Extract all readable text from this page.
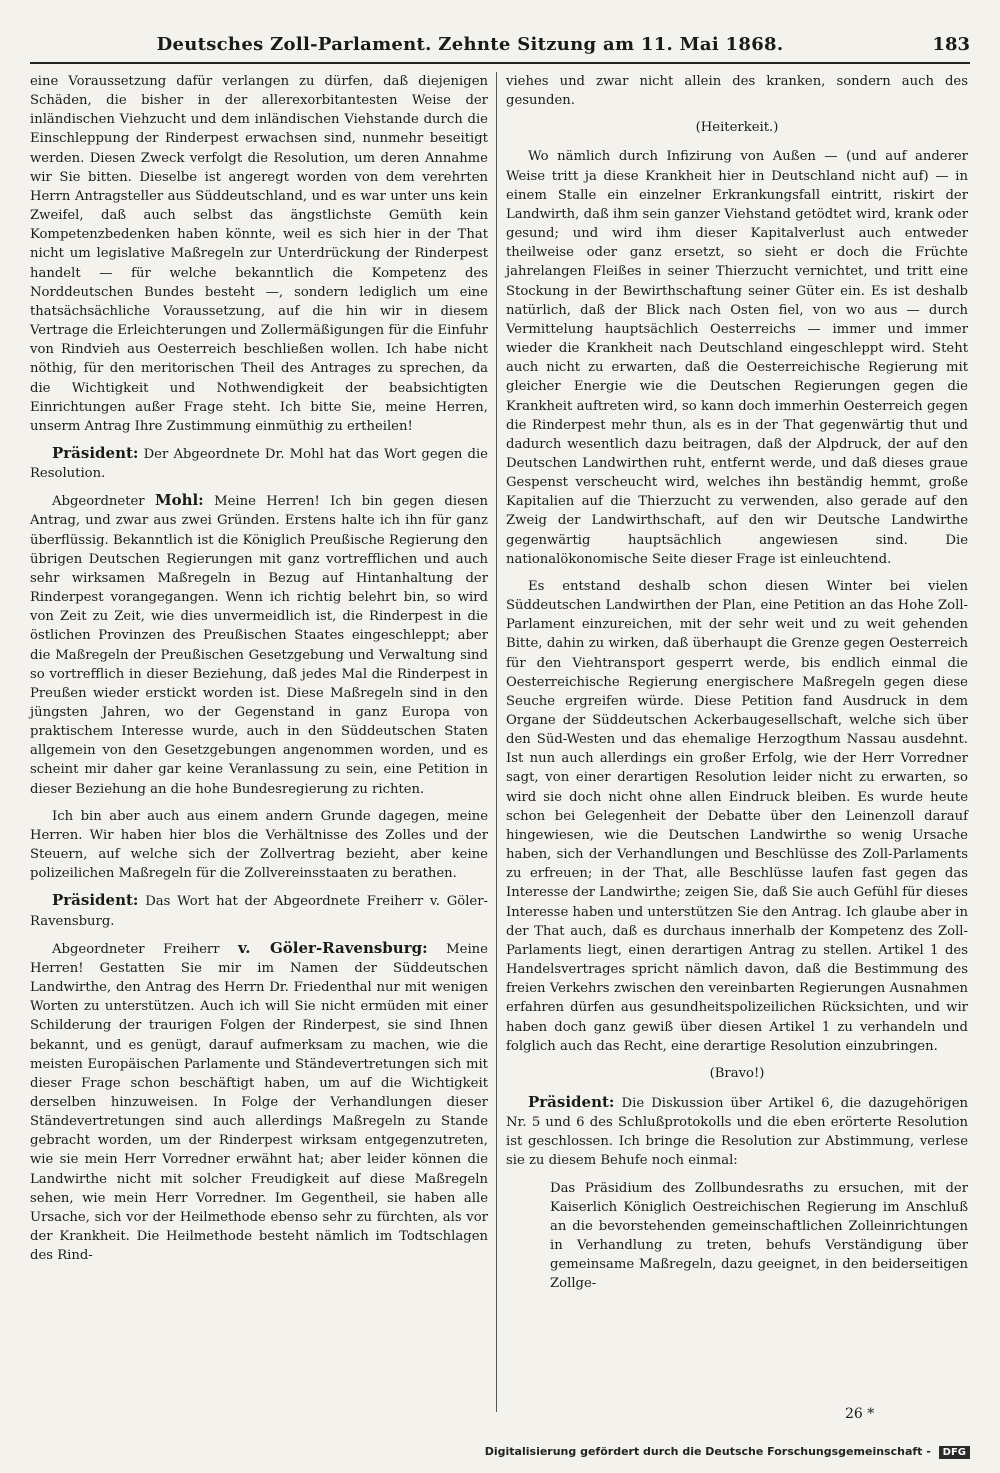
Deutsches Zoll-Parlament. Zehnte Sitzung am 11. Mai 1868.	183

eine Voraussetzung dafür verlangen zu dürfen, daß diejenigen Schäden, die bisher in der allerexorbitantesten Weise der inländischen Viehzucht und dem inländischen Viehstande durch die Einschleppung der Rinderpest erwachsen sind, nunmehr beseitigt werden. Diesen Zweck verfolgt die Resolution, um deren Annahme wir Sie bitten. Dieselbe ist angeregt worden von dem verehrten Herrn Antragsteller aus Süddeutschland, und es war unter uns kein Zweifel, daß auch selbst das ängstlichste Gemüth kein Kompetenzbedenken haben könnte, weil es sich hier in der That nicht um legislative Maßregeln zur Unterdrückung der Rinderpest handelt — für welche bekanntlich die Kompetenz des Norddeutschen Bundes besteht —, sondern lediglich um eine thatsächsächliche Voraussetzung, auf die hin wir in diesem Vertrage die Erleichterungen und Zollermäßigungen für die Einfuhr von Rindvieh aus Oesterreich beschließen wollen. Ich habe nicht nöthig, für den meritorischen Theil des Antrages zu sprechen, da die Wichtigkeit und Nothwendigkeit der beabsichtigten Einrichtungen außer Frage steht. Ich bitte Sie, meine Herren, unserm Antrag Ihre Zustimmung einmüthig zu ertheilen!

Präsident: Der Abgeordnete Dr. Mohl hat das Wort gegen die Resolution.

Abgeordneter Mohl: Meine Herren! Ich bin gegen diesen Antrag, und zwar aus zwei Gründen. Erstens halte ich ihn für ganz überflüssig. Bekanntlich ist die Königlich Preußische Regierung den übrigen Deutschen Regierungen mit ganz vortrefflichen und auch sehr wirksamen Maßregeln in Bezug auf Hintanhaltung der Rinderpest vorangegangen. Wenn ich richtig belehrt bin, so wird von Zeit zu Zeit, wie dies unvermeidlich ist, die Rinderpest in die östlichen Provinzen des Preußischen Staates eingeschleppt; aber die Maßregeln der Preußischen Gesetzgebung und Verwaltung sind so vortrefflich in dieser Beziehung, daß jedes Mal die Rinderpest in Preußen wieder erstickt worden ist. Diese Maßregeln sind in den jüngsten Jahren, wo der Gegenstand in ganz Europa von praktischem Interesse wurde, auch in den Süddeutschen Staten allgemein von den Gesetzgebungen angenommen worden, und es scheint mir daher gar keine Veranlassung zu sein, eine Petition in dieser Beziehung an die hohe Bundesregierung zu richten.

Ich bin aber auch aus einem andern Grunde dagegen, meine Herren. Wir haben hier blos die Verhältnisse des Zolles und der Steuern, auf welche sich der Zollvertrag bezieht, aber keine polizeilichen Maßregeln für die Zollvereinsstaaten zu berathen.

Präsident: Das Wort hat der Abgeordnete Freiherr v. Göler-Ravensburg.

Abgeordneter Freiherr v. Göler-Ravensburg: Meine Herren! Gestatten Sie mir im Namen der Süddeutschen Landwirthe, den Antrag des Herrn Dr. Friedenthal nur mit wenigen Worten zu unterstützen. Auch ich will Sie nicht ermüden mit einer Schilderung der traurigen Folgen der Rinderpest, sie sind Ihnen bekannt, und es genügt, darauf aufmerksam zu machen, wie die meisten Europäischen Parlamente und Ständevertretungen sich mit dieser Frage schon beschäftigt haben, um auf die Wichtigkeit derselben hinzuweisen. In Folge der Verhandlungen dieser Ständevertretungen sind auch allerdings Maßregeln zu Stande gebracht worden, um der Rinderpest wirksam entgegenzutreten, wie sie mein Herr Vorredner erwähnt hat; aber leider können die Landwirthe nicht mit solcher Freudigkeit auf diese Maßregeln sehen, wie mein Herr Vorredner. Im Gegentheil, sie haben alle Ursache, sich vor der Heilmethode ebenso sehr zu fürchten, als vor der Krankheit. Die Heilmethode besteht nämlich im Todtschlagen des Rind-

viehes und zwar nicht allein des kranken, sondern auch des gesunden.

(Heiterkeit.)

Wo nämlich durch Infizirung von Außen — (und auf anderer Weise tritt ja diese Krankheit hier in Deutschland nicht auf) — in einem Stalle ein einzelner Erkrankungsfall eintritt, riskirt der Landwirth, daß ihm sein ganzer Viehstand getödtet wird, krank oder gesund; und wird ihm dieser Kapitalverlust auch entweder theilweise oder ganz ersetzt, so sieht er doch die Früchte jahrelangen Fleißes in seiner Thierzucht vernichtet, und tritt eine Stockung in der Bewirthschaftung seiner Güter ein. Es ist deshalb natürlich, daß der Blick nach Osten fiel, von wo aus — durch Vermittelung hauptsächlich Oesterreichs — immer und immer wieder die Krankheit nach Deutschland eingeschleppt wird. Steht auch nicht zu erwarten, daß die Oesterreichische Regierung mit gleicher Energie wie die Deutschen Regierungen gegen die Krankheit auftreten wird, so kann doch immerhin Oesterreich gegen die Rinderpest mehr thun, als es in der That gegenwärtig thut und dadurch wesentlich dazu beitragen, daß der Alpdruck, der auf den Deutschen Landwirthen ruht, entfernt werde, und daß dieses graue Gespenst verscheucht wird, welches ihn beständig hemmt, große Kapitalien auf die Thierzucht zu verwenden, also gerade auf den Zweig der Landwirthschaft, auf den wir Deutsche Landwirthe gegenwärtig hauptsächlich angewiesen sind. Die nationalökonomische Seite dieser Frage ist einleuchtend.

Es entstand deshalb schon diesen Winter bei vielen Süddeutschen Landwirthen der Plan, eine Petition an das Hohe Zoll-Parlament einzureichen, mit der sehr weit und zu weit gehenden Bitte, dahin zu wirken, daß überhaupt die Grenze gegen Oesterreich für den Viehtransport gesperrt werde, bis endlich einmal die Oesterreichische Regierung energischere Maßregeln gegen diese Seuche ergreifen würde. Diese Petition fand Ausdruck in dem Organe der Süddeutschen Ackerbaugesellschaft, welche sich über den Süd-Westen und das ehemalige Herzogthum Nassau ausdehnt. Ist nun auch allerdings ein großer Erfolg, wie der Herr Vorredner sagt, von einer derartigen Resolution leider nicht zu erwarten, so wird sie doch nicht ohne allen Eindruck bleiben. Es wurde heute schon bei Gelegenheit der Debatte über den Leinenzoll darauf hingewiesen, wie die Deutschen Landwirthe so wenig Ursache haben, sich der Verhandlungen und Beschlüsse des Zoll-Parlaments zu erfreuen; in der That, alle Beschlüsse laufen fast gegen das Interesse der Landwirthe; zeigen Sie, daß Sie auch Gefühl für dieses Interesse haben und unterstützen Sie den Antrag. Ich glaube aber in der That auch, daß es durchaus innerhalb der Kompetenz des Zoll-Parlaments liegt, einen derartigen Antrag zu stellen. Artikel 1 des Handelsvertrages spricht nämlich davon, daß die Bestimmung des freien Verkehrs zwischen den vereinbarten Regierungen Ausnahmen erfahren dürfen aus gesundheitspolizeilichen Rücksichten, und wir haben doch ganz gewiß über diesen Artikel 1 zu verhandeln und folglich auch das Recht, eine derartige Resolution einzubringen.

(Bravo!)

Präsident: Die Diskussion über Artikel 6, die dazugehörigen Nr. 5 und 6 des Schlußprotokolls und die eben erörterte Resolution ist geschlossen. Ich bringe die Resolution zur Abstimmung, verlese sie zu diesem Behufe noch einmal:

Das Präsidium des Zollbundesraths zu ersuchen, mit der Kaiserlich Königlich Oestreichischen Regierung im Anschluß an die bevorstehenden gemeinschaftlichen Zolleinrichtungen in Verhandlung zu treten, behufs Verständigung über gemeinsame Maßregeln, dazu geeignet, in den beiderseitigen Zollge-

26 *
Digitalisierung gefördert durch die Deutsche Forschungsgemeinschaft - DFG
